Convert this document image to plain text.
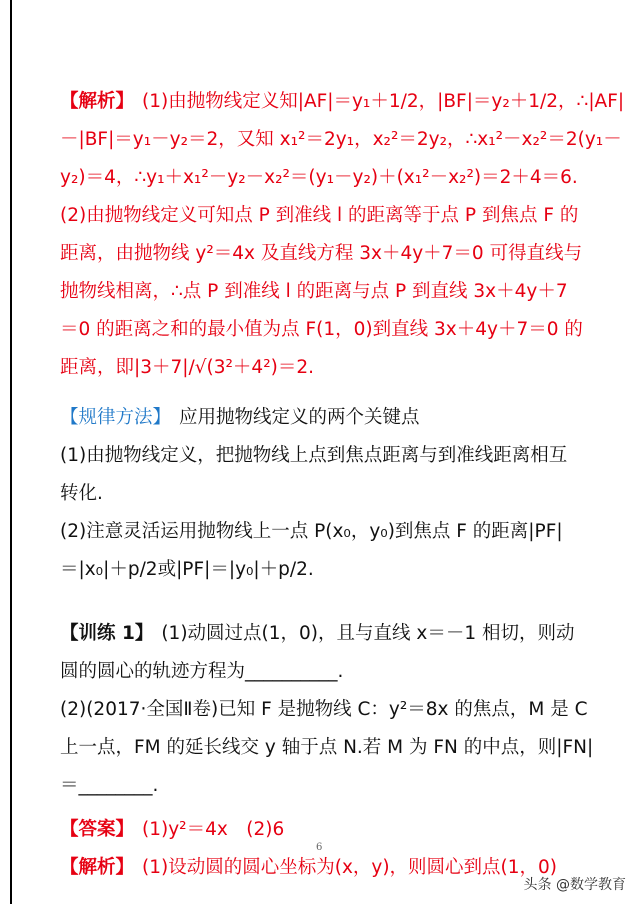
【解析】 (1)由抛物线定义知|AF|＝y₁＋1/2，|BF|＝y₂＋1/2，∴|AF|
－|BF|＝y₁－y₂＝2，又知 x₁²＝2y₁，x₂²＝2y₂，∴x₁²－x₂²＝2(y₁－
y₂)＝4，∴y₁＋x₁²－y₂－x₂²＝(y₁－y₂)＋(x₁²－x₂²)＝2＋4＝6.
(2)由抛物线定义可知点 P 到准线 l 的距离等于点 P 到焦点 F 的
距离，由抛物线 y²＝4x 及直线方程 3x＋4y＋7＝0 可得直线与
抛物线相离，∴点 P 到准线 l 的距离与点 P 到直线 3x＋4y＋7
＝0 的距离之和的最小值为点 F(1，0)到直线 3x＋4y＋7＝0 的
距离，即|3＋7|/√(3²＋4²)＝2.
【规律方法】 应用抛物线定义的两个关键点
(1)由抛物线定义，把抛物线上点到焦点距离与到准线距离相互
转化.
(2)注意灵活运用抛物线上一点 P(x₀，y₀)到焦点 F 的距离|PF|
＝|x₀|＋p/2或|PF|＝|y₀|＋p/2.
【训练 1】 (1)动圆过点(1，0)，且与直线 x＝－1 相切，则动
圆的圆心的轨迹方程为__________.
(2)(2017·全国Ⅱ卷)已知 F 是抛物线 C：y²＝8x 的焦点，M 是 C
上一点，FM 的延长线交 y 轴于点 N.若 M 为 FN 的中点，则|FN|
＝________.
【答案】 (1)y²＝4x　(2)6
【解析】 (1)设动圆的圆心坐标为(x，y)，则圆心到点(1，0)
6
头条 @数学教育
